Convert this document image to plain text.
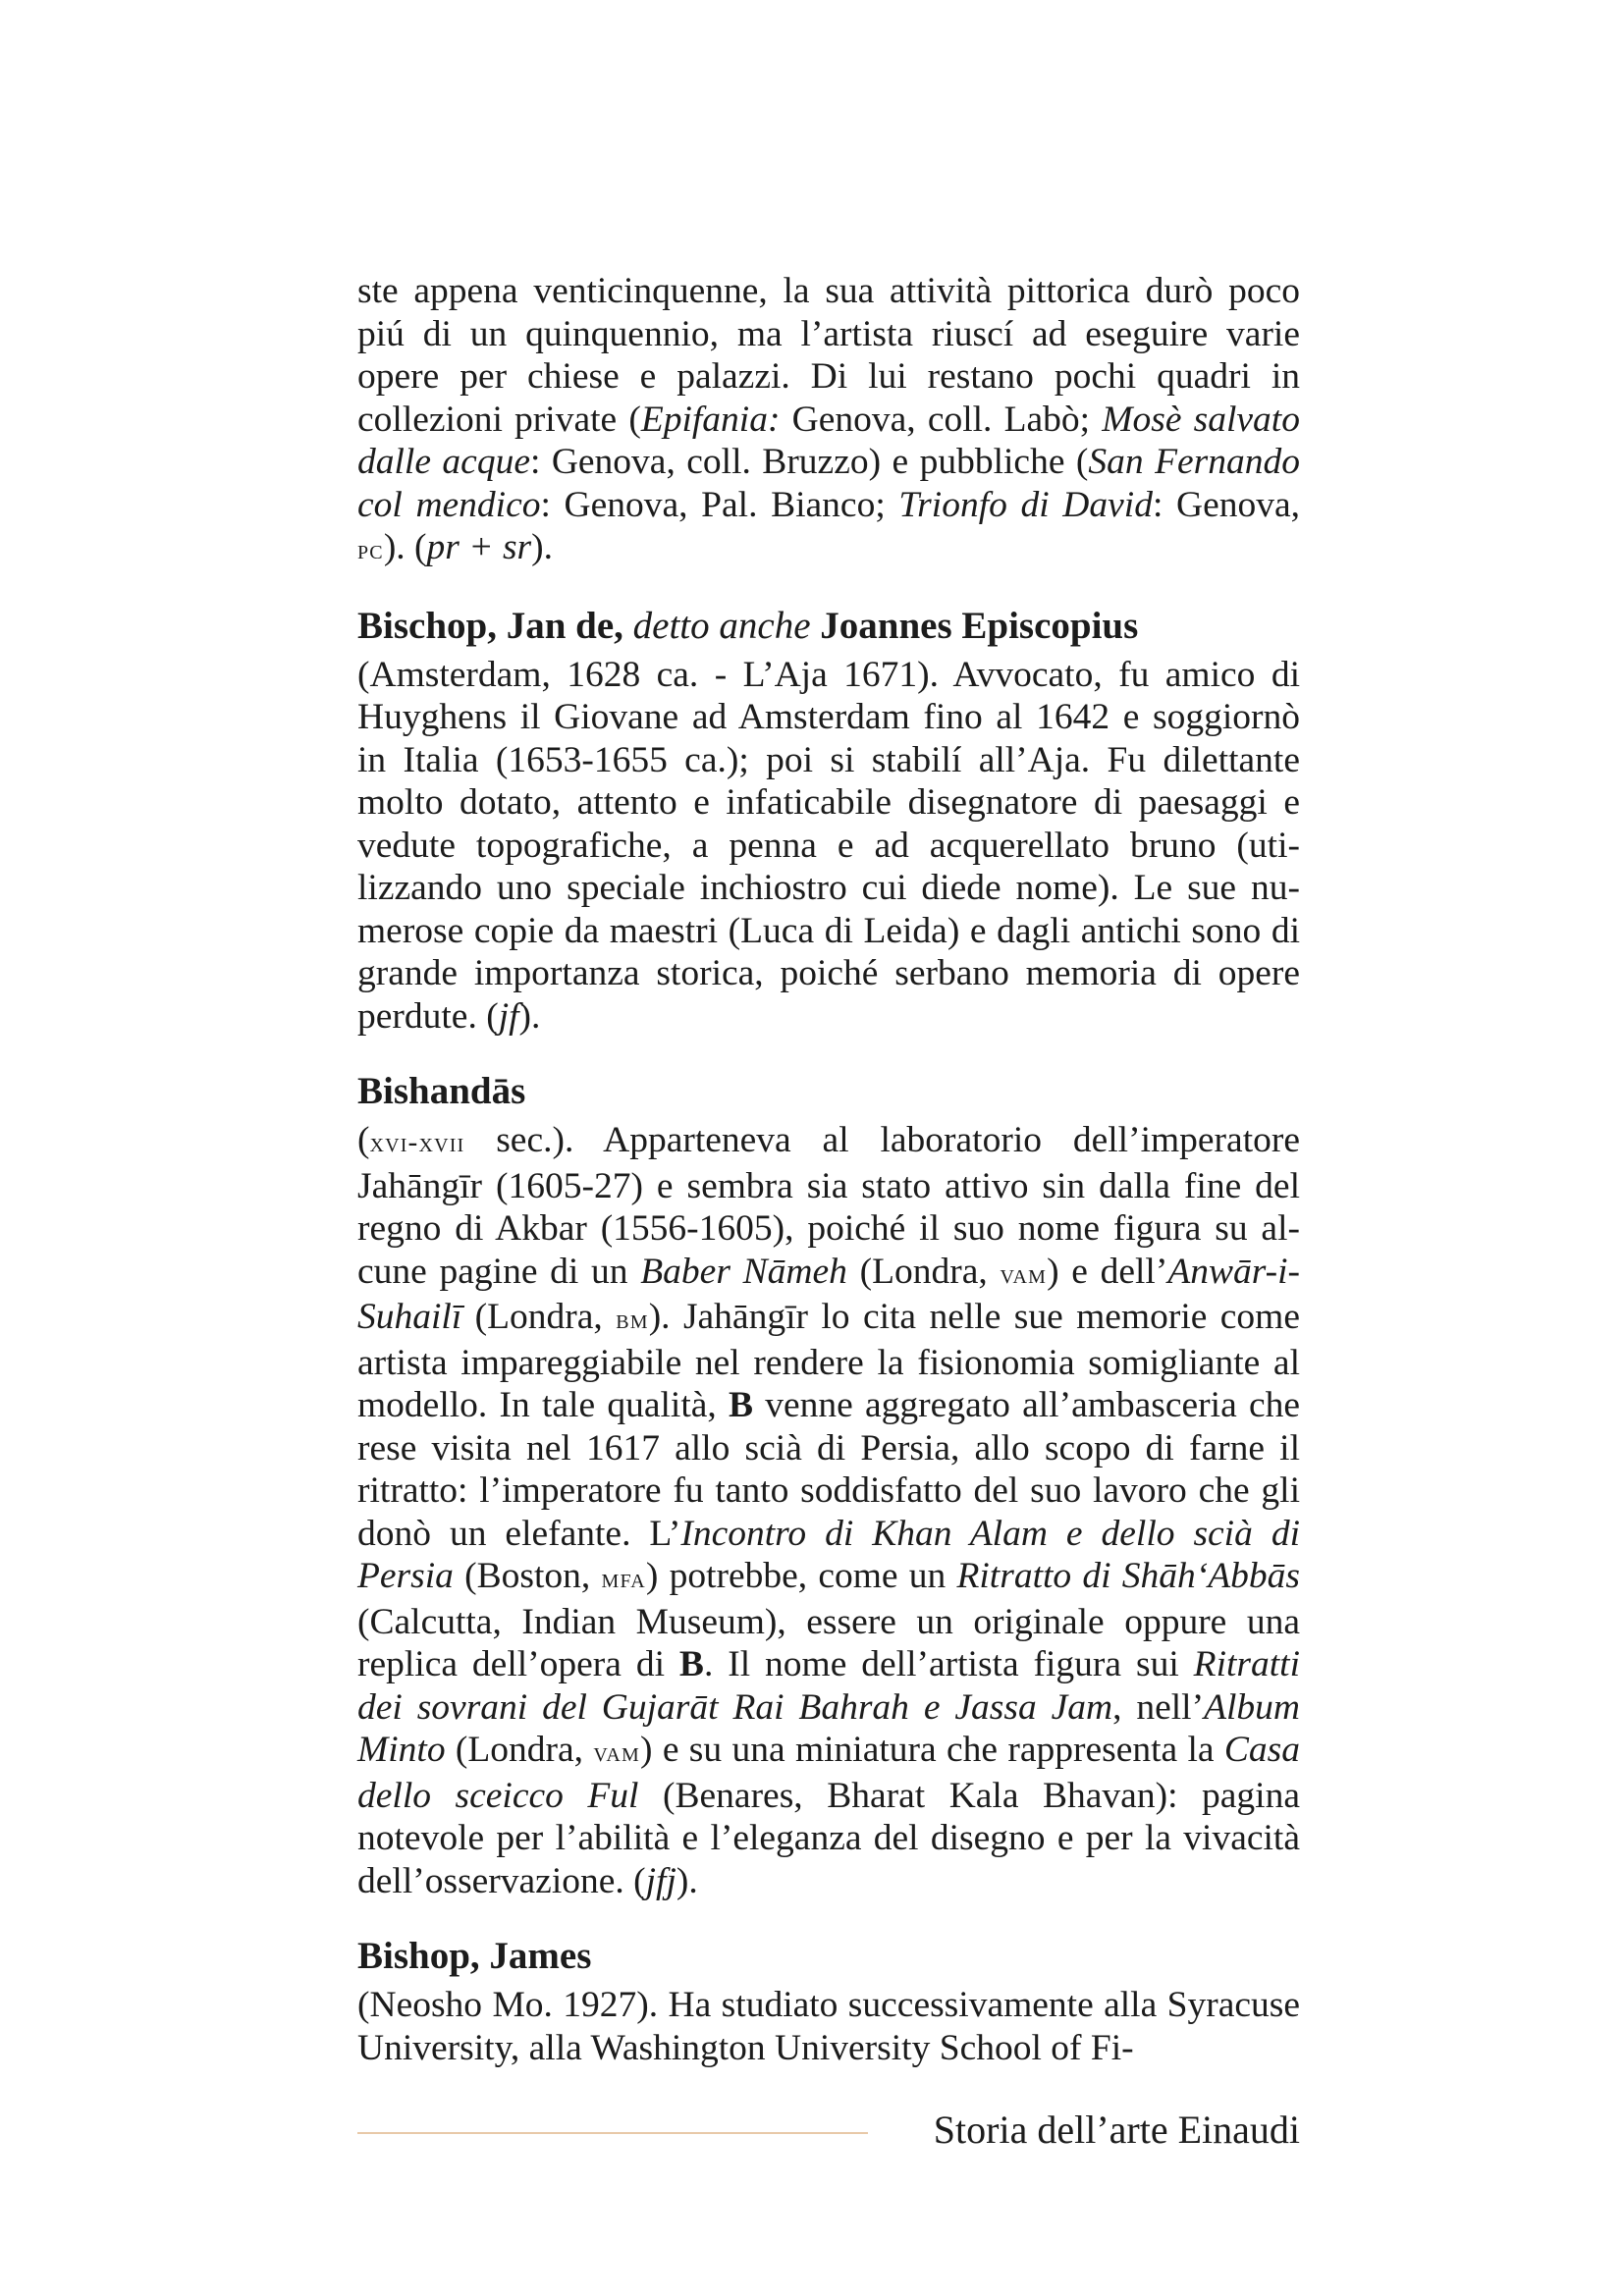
ste appena venticinquenne, la sua attività pittorica durò poco piú di un quinquennio, ma l’artista riuscí ad eseguire varie opere per chiese e palazzi. Di lui restano pochi quadri in collezioni private (Epifania: Genova, coll. Labò; Mosè salvato dalle acque: Genova, coll. Bruzzo) e pubbliche (San Fernando col mendico: Genova, Pal. Bianco; Trionfo di David: Genova, pc). (pr + sr).

Bischop, Jan de, detto anche Joannes Episcopius

(Amsterdam, 1628 ca. - L’Aja 1671). Avvocato, fu amico di Huyghens il Giovane ad Amsterdam fino al 1642 e soggiornò in Italia (1653-1655 ca.); poi si stabilí all’Aja. Fu dilettante molto dotato, attento e infaticabile disegnatore di paesaggi e vedute topografiche, a penna e ad acquerellato bruno (utilizzando uno speciale inchiostro cui diede nome). Le sue numerose copie da maestri (Luca di Leida) e dagli antichi sono di grande importanza storica, poiché serbano memoria di opere perdute. (jf).

Bishandās

(xvi-xvii sec.). Apparteneva al laboratorio dell’imperatore Jahāngīr (1605-27) e sembra sia stato attivo sin dalla fine del regno di Akbar (1556-1605), poiché il suo nome figura su alcune pagine di un Baber Nāmeh (Londra, vam) e dell’Anwār-i-Suhailī (Londra, bm). Jahāngīr lo cita nelle sue memorie come artista impareggiabile nel rendere la fisionomia somigliante al modello. In tale qualità, B venne aggregato all’ambasceria che rese visita nel 1617 allo scià di Persia, allo scopo di farne il ritratto: l’imperatore fu tanto soddisfatto del suo lavoro che gli donò un elefante. L’Incontro di Khan Alam e dello scià di Persia (Boston, mfa) potrebbe, come un Ritratto di Shāh‘Abbās (Calcutta, Indian Museum), essere un originale oppure una replica dell’opera di B. Il nome dell’artista figura sui Ritratti dei sovrani del Gujarāt Rai Bahrah e Jassa Jam, nell’Album Minto (Londra, vam) e su una miniatura che rappresenta la Casa dello sceicco Ful (Benares, Bharat Kala Bhavan): pagina notevole per l’abilità e l’eleganza del disegno e per la vivacità dell’osservazione. (jfj).

Bishop, James

(Neosho Mo. 1927). Ha studiato successivamente alla Syracuse University, alla Washington University School of Fi-

Storia dell’arte Einaudi
